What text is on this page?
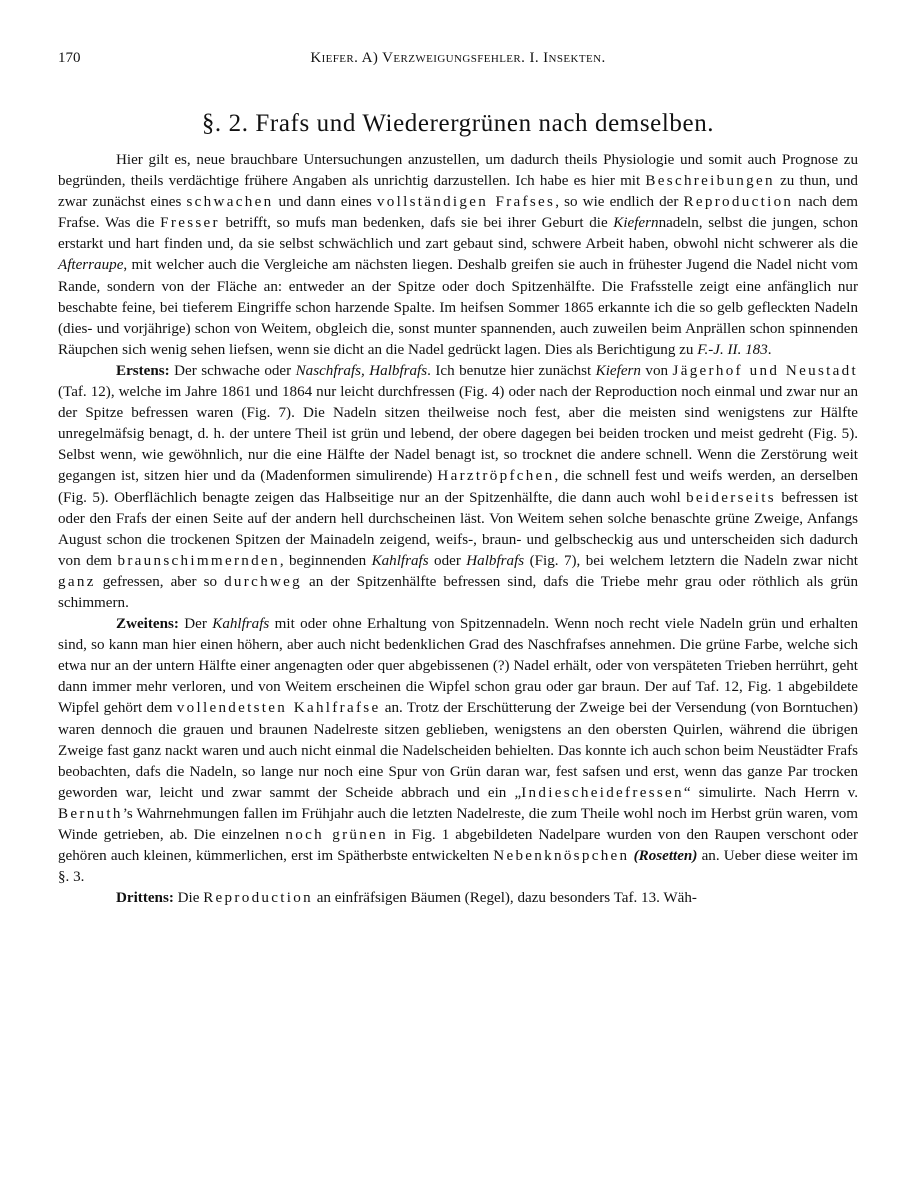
170	Kiefer. A) Verzweigungsfehler. I. Insekten.
§. 2. Frafs und Wiederergrünen nach demselben.

Hier gilt es, neue brauchbare Untersuchungen anzustellen, um dadurch theils Physiologie und somit auch Prognose zu begründen, theils verdächtige frühere Angaben als unrichtig darzustellen. Ich habe es hier mit Beschreibungen zu thun, und zwar zunächst eines schwachen und dann eines vollständigen Frafses, so wie endlich der Reproduction nach dem Frafse. Was die Fresser betrifft, so mufs man bedenken, dafs sie bei ihrer Geburt die Kiefernnadeln, selbst die jungen, schon erstarkt und hart finden und, da sie selbst schwächlich und zart gebaut sind, schwere Arbeit haben, obwohl nicht schwerer als die Afterraupe, mit welcher auch die Vergleiche am nächsten liegen. Deshalb greifen sie auch in frühester Jugend die Nadel nicht vom Rande, sondern von der Fläche an: entweder an der Spitze oder doch Spitzenhälfte. Die Frafsstelle zeigt eine anfänglich nur beschabte feine, bei tieferem Eingriffe schon harzende Spalte. Im heifsen Sommer 1865 erkannte ich die so gelb gefleckten Nadeln (dies- und vorjährige) schon von Weitem, obgleich die, sonst munter spannenden, auch zuweilen beim Anprällen schon spinnenden Räupchen sich wenig sehen liefsen, wenn sie dicht an die Nadel gedrückt lagen. Dies als Berichtigung zu F.-J. II. 183.

Erstens: Der schwache oder Naschfrafs, Halbfrafs. Ich benutze hier zunächst Kiefern von Jägerhof und Neustadt (Taf. 12), welche im Jahre 1861 und 1864 nur leicht durchfressen (Fig. 4) oder nach der Reproduction noch einmal und zwar nur an der Spitze befressen waren (Fig. 7). Die Nadeln sitzen theilweise noch fest, aber die meisten sind wenigstens zur Hälfte unregelmäfsig benagt, d. h. der untere Theil ist grün und lebend, der obere dagegen bei beiden trocken und meist gedreht (Fig. 5). Selbst wenn, wie gewöhnlich, nur die eine Hälfte der Nadel benagt ist, so trocknet die andere schnell. Wenn die Zerstörung weit gegangen ist, sitzen hier und da (Madenformen simulirende) Harztröpfchen, die schnell fest und weifs werden, an derselben (Fig. 5). Oberflächlich benagte zeigen das Halbseitige nur an der Spitzenhälfte, die dann auch wohl beiderseits befressen ist oder den Frafs der einen Seite auf der andern hell durchscheinen läst. Von Weitem sehen solche benaschte grüne Zweige, Anfangs August schon die trockenen Spitzen der Mainadeln zeigend, weifs-, braun- und gelbscheckig aus und unterscheiden sich dadurch von dem braunschimmernden, beginnenden Kahlfrafs oder Halbfrafs (Fig. 7), bei welchem letztern die Nadeln zwar nicht ganz gefressen, aber so durchweg an der Spitzenhälfte befressen sind, dafs die Triebe mehr grau oder röthlich als grün schimmern.

Zweitens: Der Kahlfrafs mit oder ohne Erhaltung von Spitzennadeln. Wenn noch recht viele Nadeln grün und erhalten sind, so kann man hier einen höhern, aber auch nicht bedenklichen Grad des Naschfrafses annehmen. Die grüne Farbe, welche sich etwa nur an der untern Hälfte einer angenagten oder quer abgebissenen (?) Nadel erhält, oder von verspäteten Trieben herrührt, geht dann immer mehr verloren, und von Weitem erscheinen die Wipfel schon grau oder gar braun. Der auf Taf. 12, Fig. 1 abgebildete Wipfel gehört dem vollendetsten Kahlfrafse an. Trotz der Erschütterung der Zweige bei der Versendung (von Borntuchen) waren dennoch die grauen und braunen Nadelreste sitzen geblieben, wenigstens an den obersten Quirlen, während die übrigen Zweige fast ganz nackt waren und auch nicht einmal die Nadelscheiden behielten. Das konnte ich auch schon beim Neustädter Frafs beobachten, dafs die Nadeln, so lange nur noch eine Spur von Grün daran war, fest safsen und erst, wenn das ganze Par trocken geworden war, leicht und zwar sammt der Scheide abbrach und ein „Indiescheidefressen“ simulirte. Nach Herrn v. Bernuth’s Wahrnehmungen fallen im Frühjahr auch die letzten Nadelreste, die zum Theile wohl noch im Herbst grün waren, vom Winde getrieben, ab. Die einzelnen noch grünen in Fig. 1 abgebildeten Nadelpare wurden von den Raupen verschont oder gehören auch kleinen, kümmerlichen, erst im Spätherbste entwickelten Nebenknöspchen (Rosetten) an. Ueber diese weiter im §. 3.

Drittens: Die Reproduction an einfräfsigen Bäumen (Regel), dazu besonders Taf. 13. Wäh-
